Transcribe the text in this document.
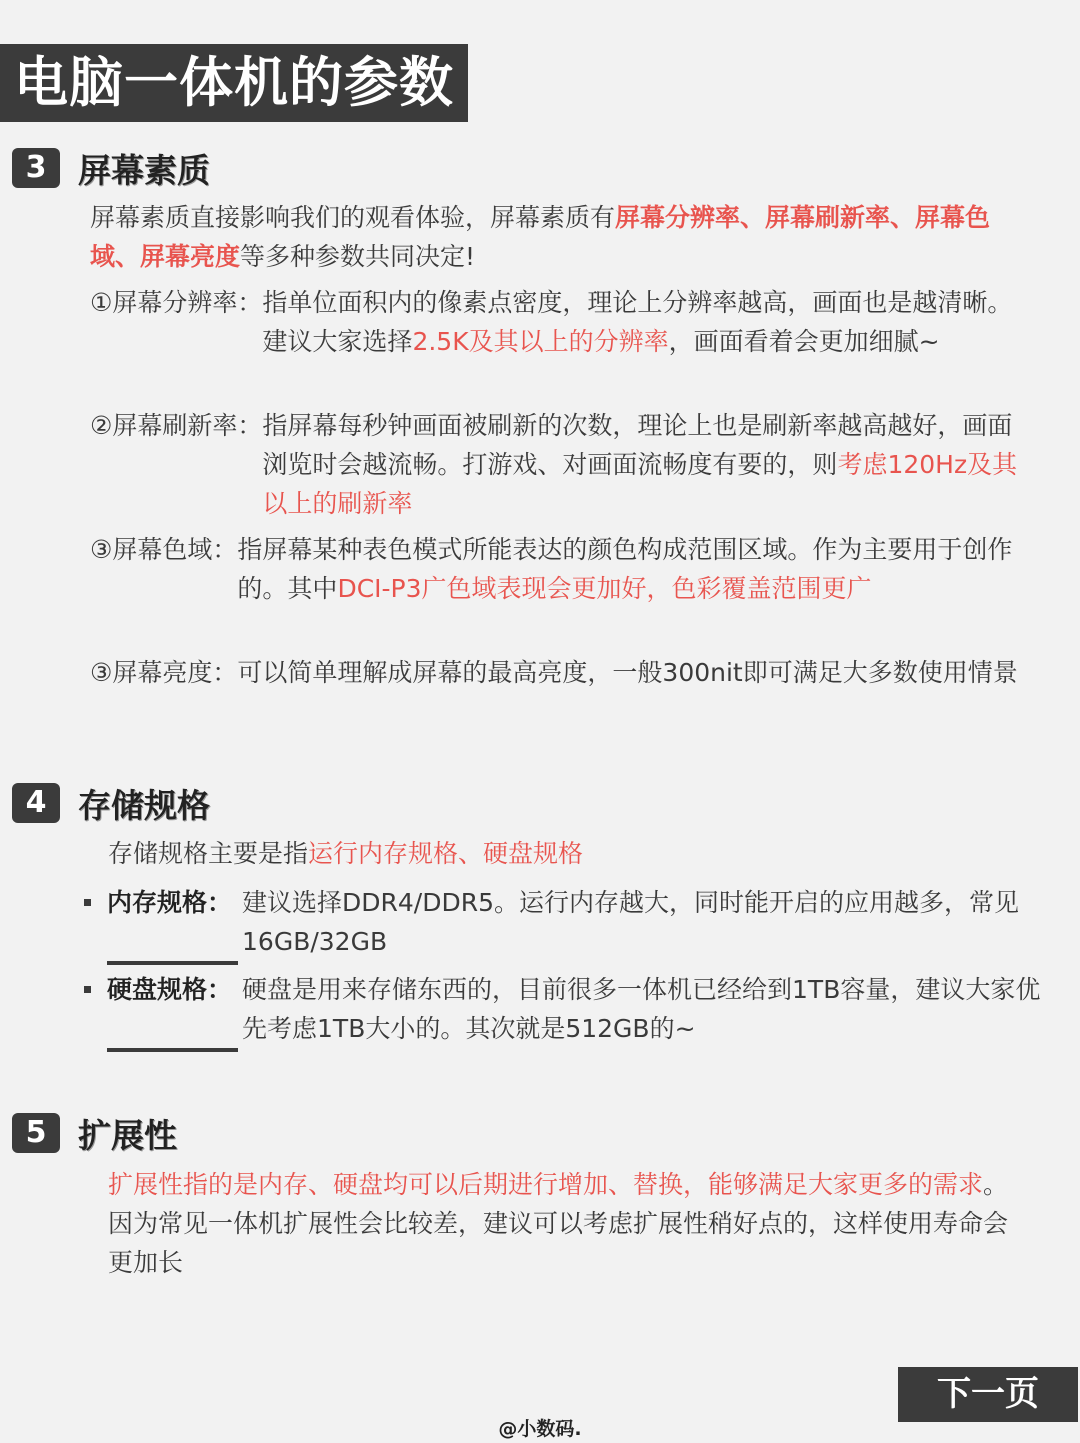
电脑一体机的参数
3 屏幕素质
屏幕素质直接影响我们的观看体验，屏幕素质有屏幕分辨率、屏幕刷新率、屏幕色域、屏幕亮度等多种参数共同决定!
①屏幕分辨率： 指单位面积内的像素点密度，理论上分辨率越高，画面也是越清晰。建议大家选择2.5K及其以上的分辨率，画面看着会更加细腻~
②屏幕刷新率： 指屏幕每秒钟画面被刷新的次数，理论上也是刷新率越高越好，画面浏览时会越流畅。打游戏、对画面流畅度有要的，则考虑120Hz及其以上的刷新率
③屏幕色域： 指屏幕某种表色模式所能表达的颜色构成范围区域。作为主要用于创作的。其中DCI-P3广色域表现会更加好，色彩覆盖范围更广
③屏幕亮度： 可以简单理解成屏幕的最高亮度，一般300nit即可满足大多数使用情景
4 存储规格
存储规格主要是指运行内存规格、硬盘规格
内存规格： 建议选择DDR4/DDR5。运行内存越大，同时能开启的应用越多，常见16GB/32GB
硬盘规格： 硬盘是用来存储东西的，目前很多一体机已经给到1TB容量，建议大家优先考虑1TB大小的。其次就是512GB的~
5 扩展性
扩展性指的是内存、硬盘均可以后期进行增加、替换，能够满足大家更多的需求。因为常见一体机扩展性会比较差，建议可以考虑扩展性稍好点的，这样使用寿命会更加长
下一页
@小数码.
